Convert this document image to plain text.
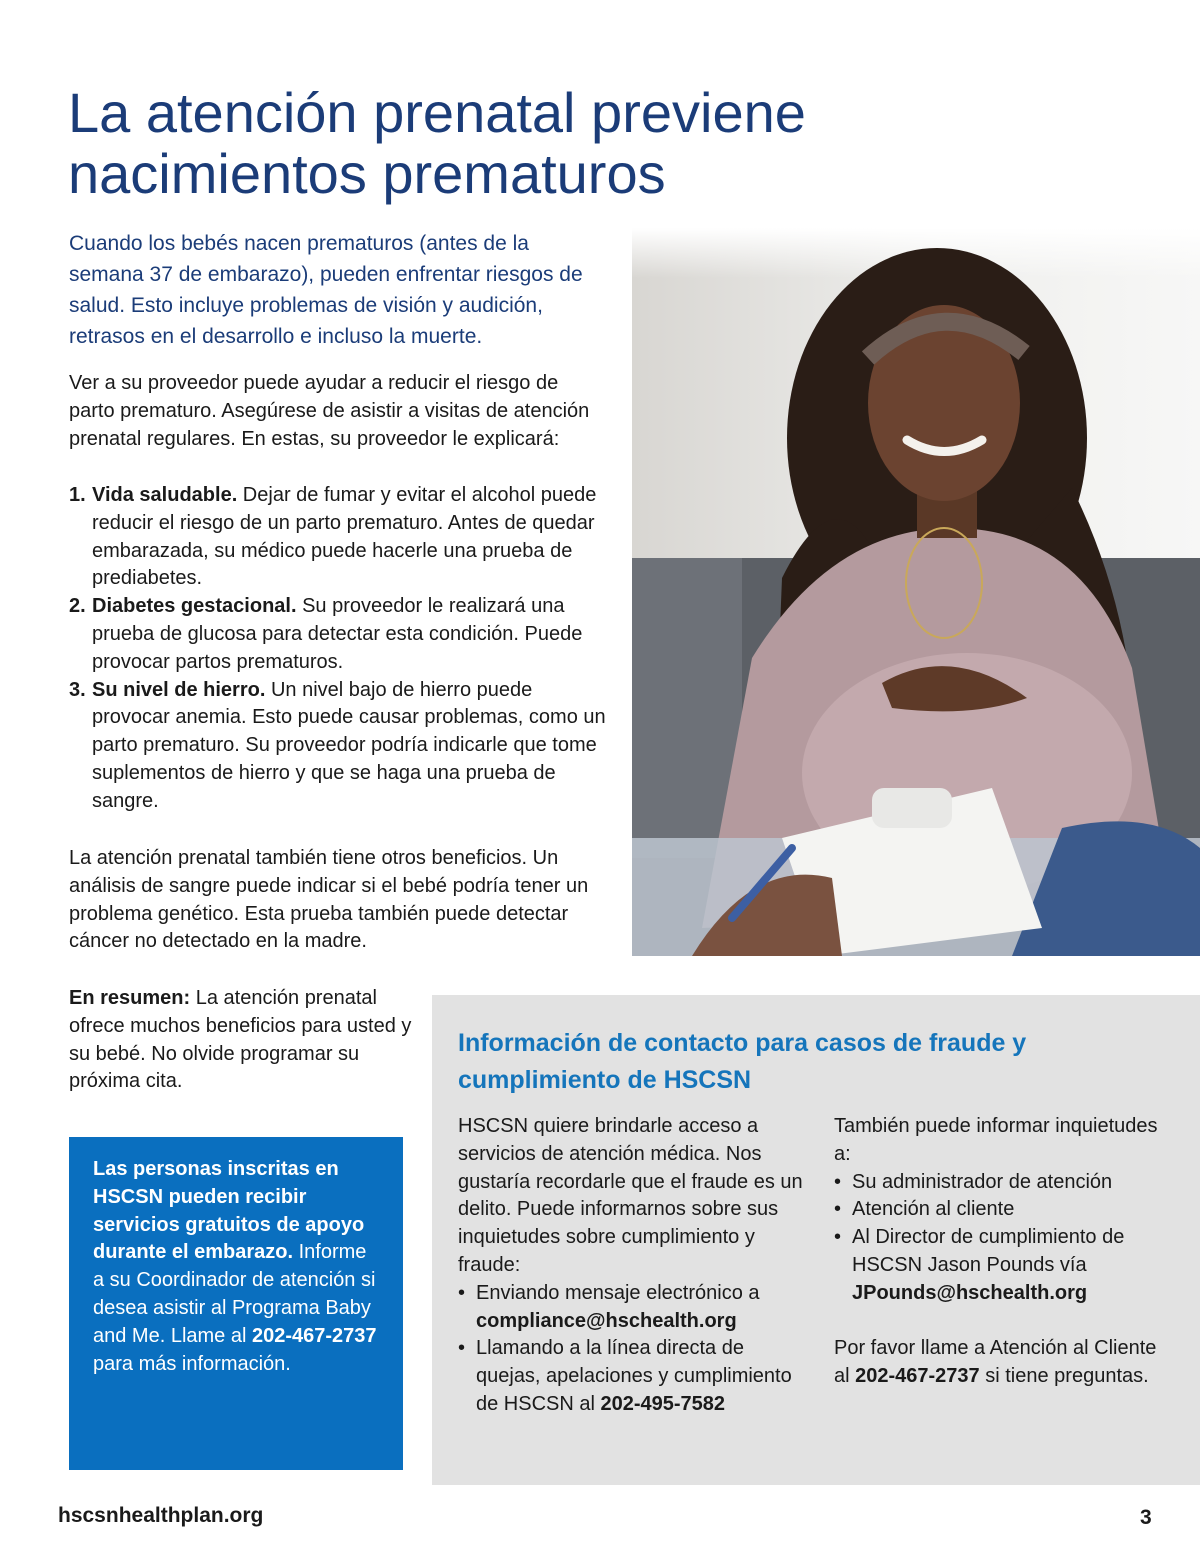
La atención prenatal previene nacimientos prematuros

Cuando los bebés nacen prematuros (antes de la semana 37 de embarazo), pueden enfrentar riesgos de salud. Esto incluye problemas de visión y audición, retrasos en el desarrollo e incluso la muerte.

Ver a su proveedor puede ayudar a reducir el riesgo de parto prematuro. Asegúrese de asistir a visitas de atención prenatal regulares. En estas, su proveedor le explicará:

1. Vida saludable. Dejar de fumar y evitar el alcohol puede reducir el riesgo de un parto prematuro. Antes de quedar embarazada, su médico puede hacerle una prueba de prediabetes.
2. Diabetes gestacional. Su proveedor le realizará una prueba de glucosa para detectar esta condición. Puede provocar partos prematuros.
3. Su nivel de hierro. Un nivel bajo de hierro puede provocar anemia. Esto puede causar problemas, como un parto prematuro. Su proveedor podría indicarle que tome suplementos de hierro y que se haga una prueba de sangre.

La atención prenatal también tiene otros beneficios. Un análisis de sangre puede indicar si el bebé podría tener un problema genético. Esta prueba también puede detectar cáncer no detectado en la madre.

En resumen: La atención prenatal ofrece muchos beneficios para usted y su bebé. No olvide programar su próxima cita.

Las personas inscritas en HSCSN pueden recibir servicios gratuitos de apoyo durante el embarazo. Informe a su Coordinador de atención si desea asistir al Programa Baby and Me. Llame al 202-467-2737 para más información.
Información de contacto para casos de fraude y cumplimiento de HSCSN
HSCSN quiere brindarle acceso a servicios de atención médica. Nos gustaría recordarle que el fraude es un delito. Puede informarnos sobre sus inquietudes sobre cumplimiento y fraude:
• Enviando mensaje electrónico a compliance@hschealth.org
• Llamando a la línea directa de quejas, apelaciones y cumplimiento de HSCSN al 202-495-7582
También puede informar inquietudes a:
• Su administrador de atención
• Atención al cliente
• Al Director de cumplimiento de HSCSN Jason Pounds vía JPounds@hschealth.org
Por favor llame a Atención al Cliente al 202-467-2737 si tiene preguntas.
hscsnhealthplan.org	3
